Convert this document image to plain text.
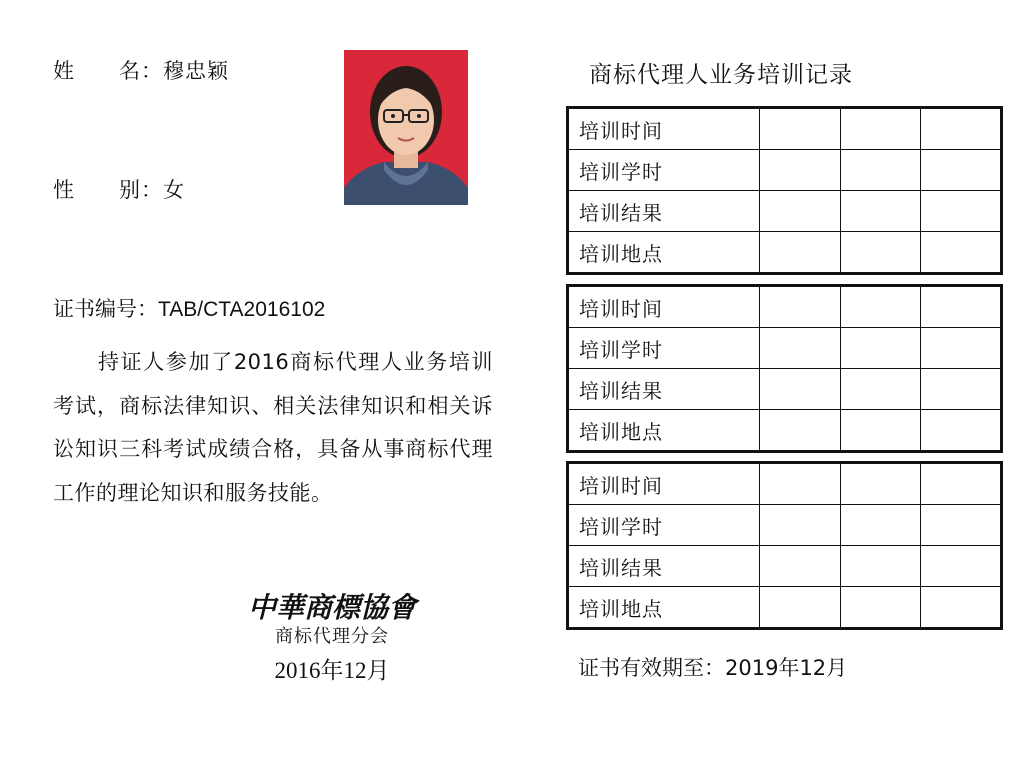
姓 名：穆忠颖
性 别：女
证书编号：TAB/CTA2016102
持证人参加了2016商标代理人业务培训考试，商标法律知识、相关法律知识和相关诉讼知识三科考试成绩合格，具备从事商标代理工作的理论知识和服务技能。
中華商標協會
商标代理分会
2016年12月
商标代理人业务培训记录
培训时间			
培训学时			
培训结果			
培训地点			
培训时间			
培训学时			
培训结果			
培训地点			
培训时间			
培训学时			
培训结果			
培训地点			
证书有效期至：2019年12月
